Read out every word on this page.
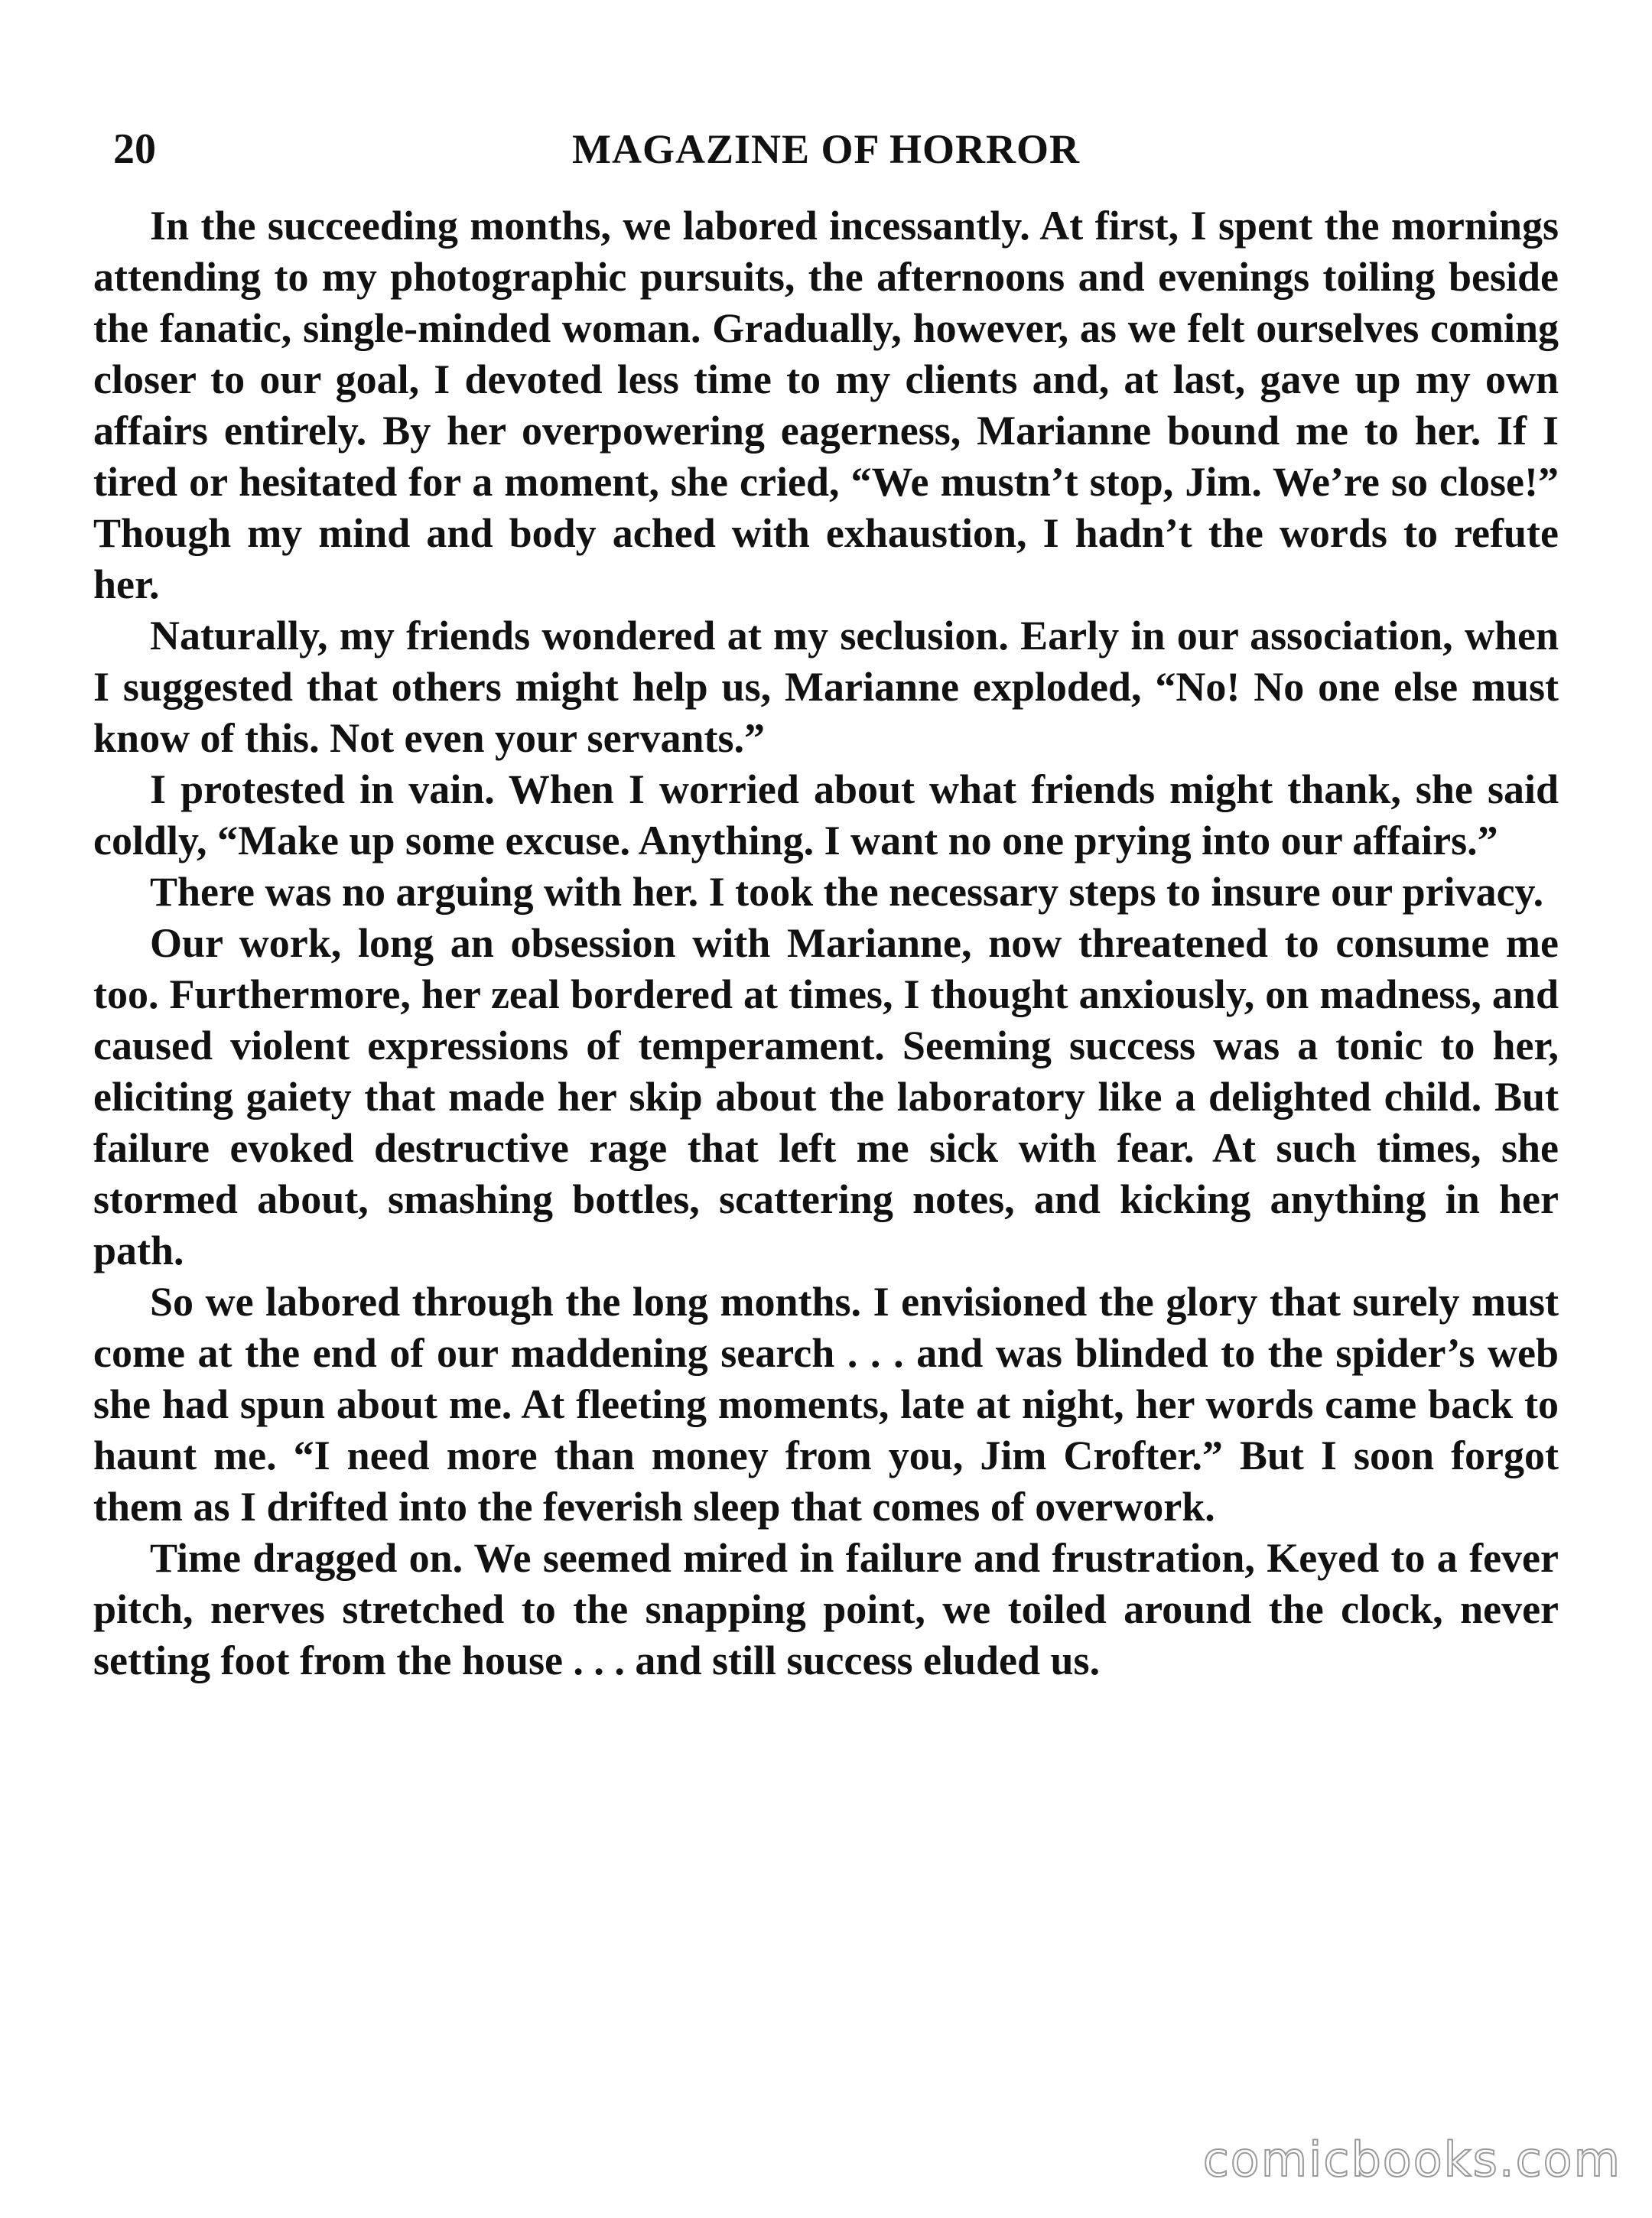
20	MAGAZINE OF HORROR

In the succeeding months, we labored incessantly. At first, I spent the mornings attending to my photographic pursuits, the afternoons and evenings toiling beside the fanatic, single-minded woman. Gradually, however, as we felt ourselves coming closer to our goal, I devoted less time to my clients and, at last, gave up my own affairs entirely. By her overpowering eagerness, Marianne bound me to her. If I tired or hesitated for a moment, she cried, “We mustn’t stop, Jim. We’re so close!” Though my mind and body ached with exhaustion, I hadn’t the words to refute her.

Naturally, my friends wondered at my seclusion. Early in our association, when I suggested that others might help us, Marianne exploded, “No! No one else must know of this. Not even your servants.”

I protested in vain. When I worried about what friends might thank, she said coldly, “Make up some excuse. Anything. I want no one prying into our affairs.”

There was no arguing with her. I took the necessary steps to insure our privacy.

Our work, long an obsession with Marianne, now threatened to consume me too. Furthermore, her zeal bordered at times, I thought anxiously, on madness, and caused violent expressions of temperament. Seeming success was a tonic to her, eliciting gaiety that made her skip about the laboratory like a delighted child. But failure evoked destructive rage that left me sick with fear. At such times, she stormed about, smashing bottles, scattering notes, and kicking anything in her path.

So we labored through the long months. I envisioned the glory that surely must come at the end of our maddening search . . . and was blinded to the spider’s web she had spun about me. At fleeting moments, late at night, her words came back to haunt me. “I need more than money from you, Jim Crofter.” But I soon forgot them as I drifted into the feverish sleep that comes of overwork.

Time dragged on. We seemed mired in failure and frustration, Keyed to a fever pitch, nerves stretched to the snapping point, we toiled around the clock, never setting foot from the house . . . and still success eluded us.

comicbooks.com
